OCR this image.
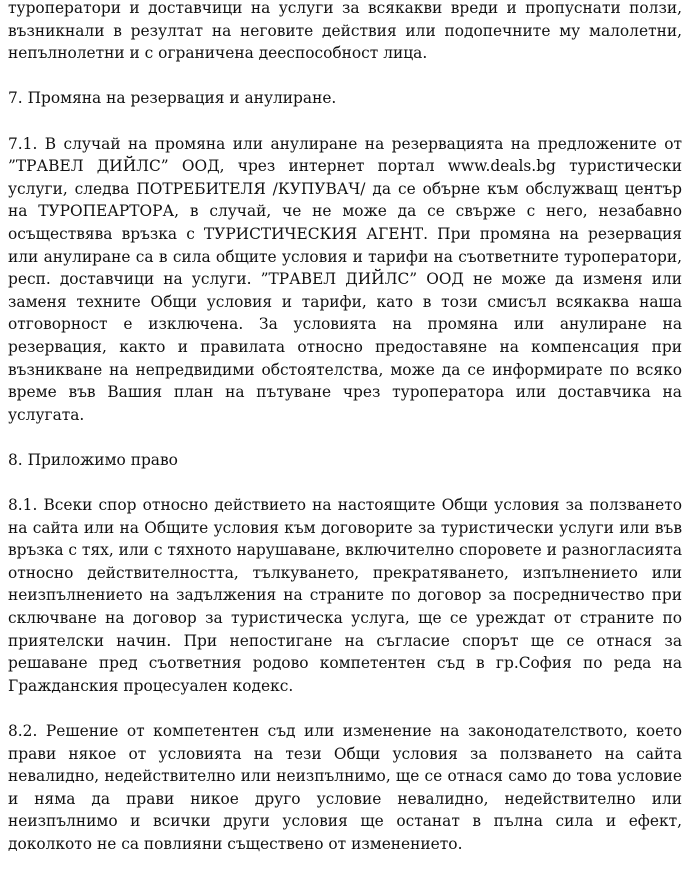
туроператори и доставчици на услуги за всякакви вреди и пропуснати ползи, възникнали в резултат на неговите действия или подопечните му малолетни, непълнолетни и с ограничена дееспособност лица.

7. Промяна на резервация и анулиране.

7.1. В случай на промяна или анулиране на резервацията на предложените от ”ТРАВЕЛ ДИЙЛС” ООД, чрез интернет портал www.deals.bg туристически услуги, следва ПОТРЕБИТЕЛЯ /КУПУВАЧ/ да се обърне към обслужващ център на ТУРОПЕАРТОРА, в случай, че не може да се свърже с него, незабавно осъществява връзка с ТУРИСТИЧЕСКИЯ АГЕНТ. При промяна на резервация или анулиране са в сила общите условия и тарифи на съответните туроператори, респ. доставчици на услуги. ”ТРАВЕЛ ДИЙЛС” ООД не може да изменя или заменя техните Общи условия и тарифи, като в този смисъл всякаква наша отговорност е изключена. За условията на промяна или анулиране на резервация, както и правилата относно предоставяне на компенсация при възникване на непредвидими обстоятелства, може да се информирате по всяко време във Вашия план на пътуване чрез туроператора или доставчика на услугата.

8. Приложимо право

8.1. Всеки спор относно действието на настоящите Общи условия за ползването на сайта или на Общите условия към договорите за туристически услуги или във връзка с тях, или с тяхното нарушаване, включително споровете и разногласията относно действителността, тълкуването, прекратяването, изпълнението или неизпълнението на задължения на страните по договор за посредничество при сключване на договор за туристическа услуга, ще се уреждат от страните по приятелски начин. При непостигане на съгласие спорът ще се отнася за решаване пред съответния родово компетентен съд в гр.София по реда на Гражданския процесуален кодекс.

8.2. Решение от компетентен съд или изменение на законодателството, което прави някое от условията на тези Общи условия за ползването на сайта невалидно, недействително или неизпълнимо, ще се отнася само до това условие и няма да прави никое друго условие невалидно, недействително или неизпълнимо и всички други условия ще останат в пълна сила и ефект, доколкото не са повлияни съществено от изменението.
